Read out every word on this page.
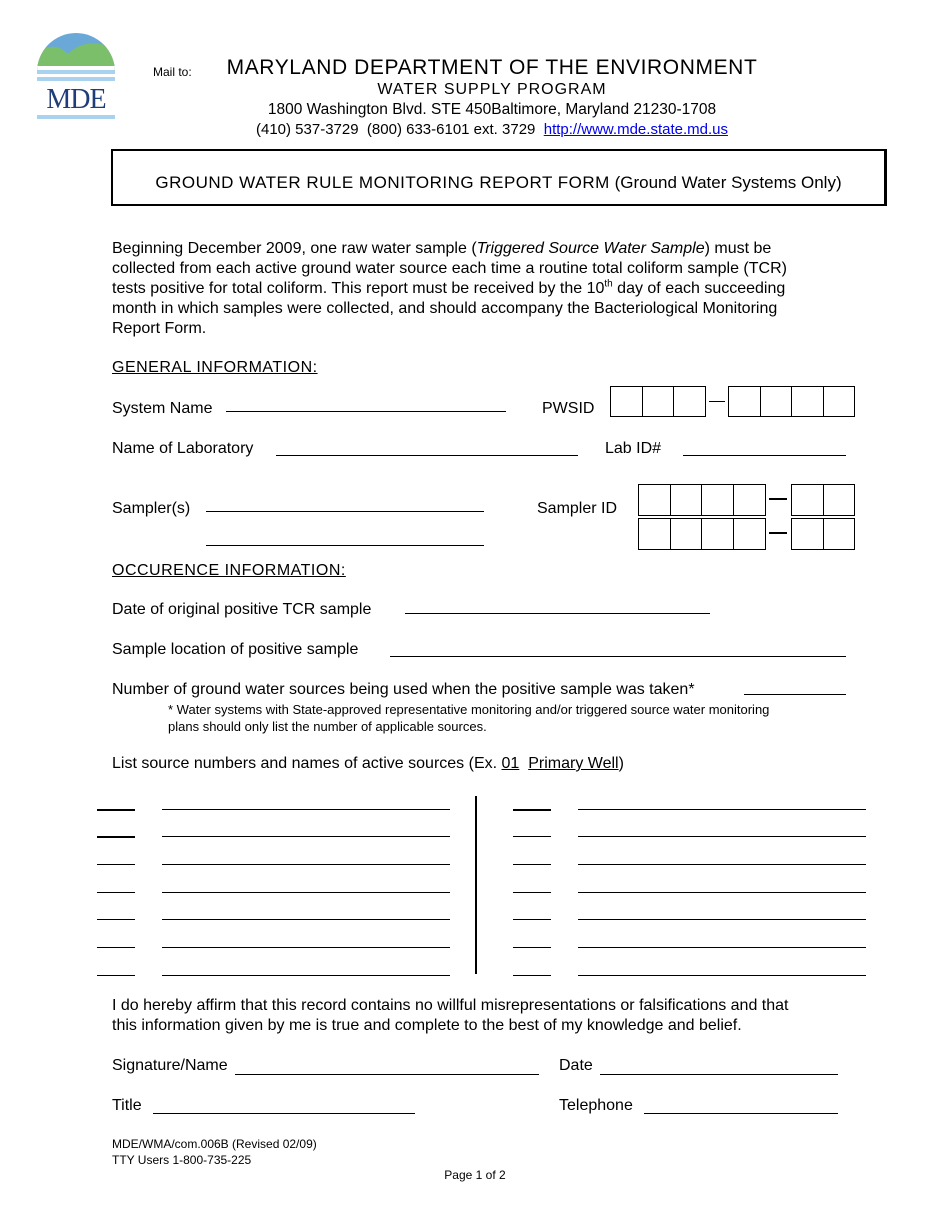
MDE
Mail to:	MARYLAND DEPARTMENT OF THE ENVIRONMENT
WATER SUPPLY PROGRAM
1800 Washington Blvd. STE 450Baltimore, Maryland 21230-1708
(410) 537-3729 (800) 633-6101 ext. 3729 http://www.mde.state.md.us
GROUND WATER RULE MONITORING REPORT FORM (Ground Water Systems Only)
Beginning December 2009, one raw water sample (Triggered Source Water Sample) must be
collected from each active ground water source each time a routine total coliform sample (TCR)
tests positive for total coliform. This report must be received by the 10th day of each succeeding
month in which samples were collected, and should accompany the Bacteriological Monitoring
Report Form.
GENERAL INFORMATION:
System Name	PWSID
Name of Laboratory	Lab ID#
Sampler(s)	Sampler ID
OCCURENCE INFORMATION:
Date of original positive TCR sample
Sample location of positive sample
Number of ground water sources being used when the positive sample was taken*
* Water systems with State-approved representative monitoring and/or triggered source water monitoring
plans should only list the number of applicable sources.
List source numbers and names of active sources (Ex. 01 Primary Well)
I do hereby affirm that this record contains no willful misrepresentations or falsifications and that
this information given by me is true and complete to the best of my knowledge and belief.
Signature/Name	Date
Title	Telephone
MDE/WMA/com.006B (Revised 02/09)
TTY Users 1-800-735-225
Page 1 of 2
